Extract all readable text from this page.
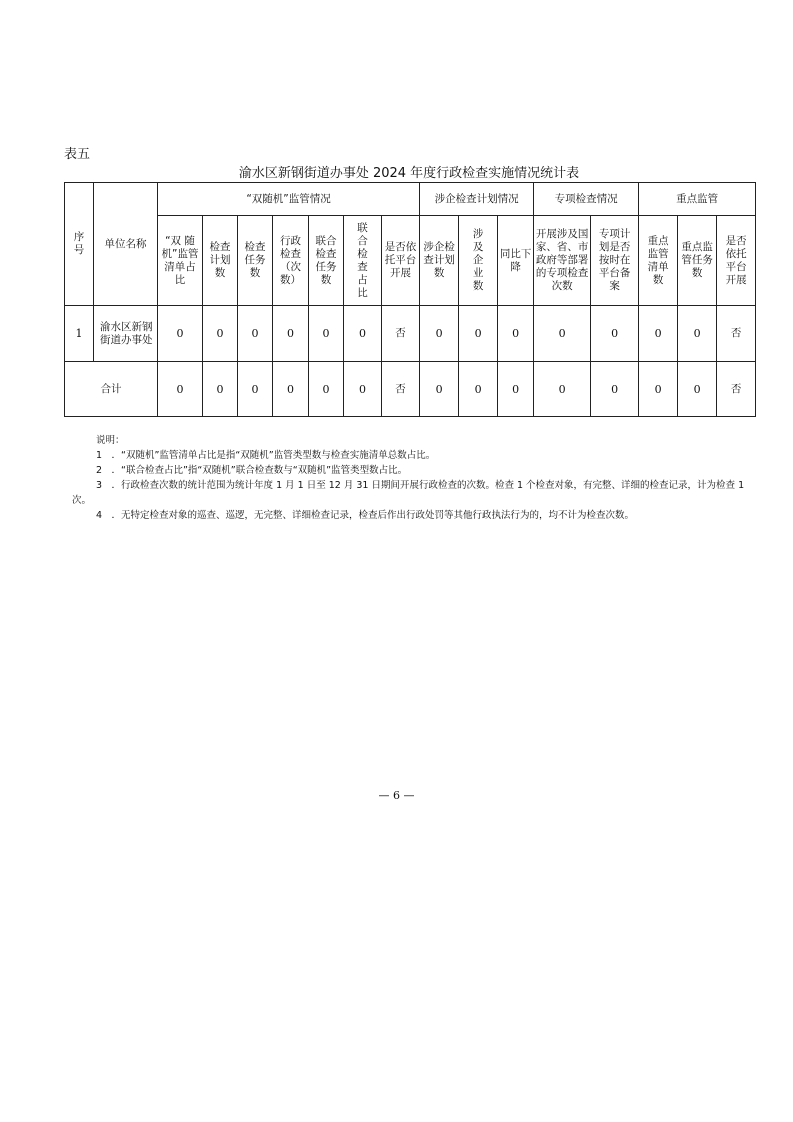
表五
渝水区新钢街道办事处 2024 年度行政检查实施情况统计表
序号	单位名称	“双随机”监管情况							涉企检查计划情况			专项检查情况		重点监管		

		“双 随机”监管清单占比	检查计划数	检查任务数	行政检查（次数）	联合检查任务数	联合检查占比	是否依托平台开展	涉企检查计划数	涉及企业数	同比下 降	开展涉及国家、省、市政府等部署的专项检查次数	专项计划是否按时在平台备案	重点监管清单数	重点监管任务数	是否依托平台开展

1	渝水区新钢街道办事处	0	0	0	0	0	0	否	0	0	0	0	0	0	0	否
合计		0	0	0	0	0	0	否	0	0	0	0	0	0	0	否
说明：
1　．“双随机”监管清单占比是指“双随机”监管类型数与检查实施清单总数占比。
2　．“联合检查占比”指“双随机”联合检查数与“双随机”监管类型数占比。
3　．行政检查次数的统计范围为统计年度 1 月 1 日至 12 月 31 日期间开展行政检查的次数。检查 1 个检查对象，有完整、详细的检查记录，计为检查 1 次。
4　．无特定检查对象的巡查、巡逻，无完整、详细检查记录，检查后作出行政处罚等其他行政执法行为的，均不计为检查次数。
— 6 —
